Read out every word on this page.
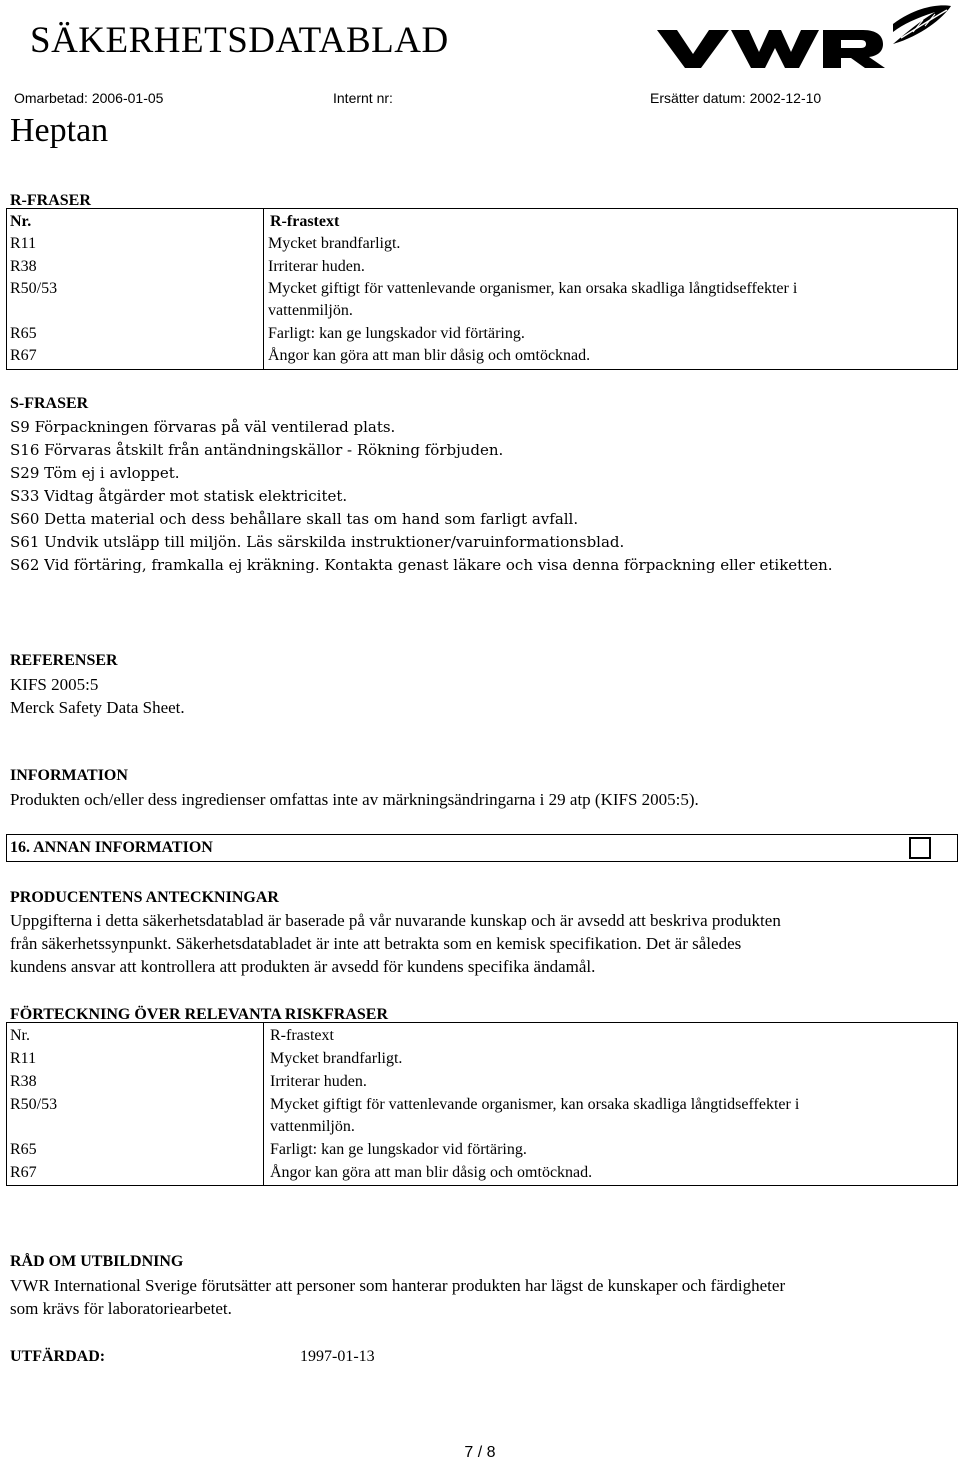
SÄKERHETSDATABLAD
Omarbetad: 2006-01-05	Internt nr:	Ersätter datum: 2002-12-10
Heptan
R-FRASER
Nr.	R-frastext
R11	Mycket brandfarligt.
R38	Irriterar huden.
R50/53	Mycket giftigt för vattenlevande organismer, kan orsaka skadliga långtidseffekter i
vattenmiljön.
R65	Farligt: kan ge lungskador vid förtäring.
R67	Ångor kan göra att man blir dåsig och omtöcknad.
S-FRASER
S9 Förpackningen förvaras på väl ventilerad plats.
S16 Förvaras åtskilt från antändningskällor - Rökning förbjuden.
S29 Töm ej i avloppet.
S33 Vidtag åtgärder mot statisk elektricitet.
S60 Detta material och dess behållare skall tas om hand som farligt avfall.
S61 Undvik utsläpp till miljön. Läs särskilda instruktioner/varuinformationsblad.
S62 Vid förtäring, framkalla ej kräkning. Kontakta genast läkare och visa denna förpackning eller etiketten.
REFERENSER
KIFS 2005:5
Merck Safety Data Sheet.
INFORMATION
Produkten och/eller dess ingredienser omfattas inte av märkningsändringarna i 29 atp (KIFS 2005:5).
16. ANNAN INFORMATION
PRODUCENTENS ANTECKNINGAR
Uppgifterna i detta säkerhetsdatablad är baserade på vår nuvarande kunskap och är avsedd att beskriva produkten
från säkerhetssynpunkt. Säkerhetsdatabladet är inte att betrakta som en kemisk specifikation. Det är således
kundens ansvar att kontrollera att produkten är avsedd för kundens specifika ändamål.
FÖRTECKNING ÖVER RELEVANTA RISKFRASER
Nr.	R-frastext
R11	Mycket brandfarligt.
R38	Irriterar huden.
R50/53	Mycket giftigt för vattenlevande organismer, kan orsaka skadliga långtidseffekter i
vattenmiljön.
R65	Farligt: kan ge lungskador vid förtäring.
R67	Ångor kan göra att man blir dåsig och omtöcknad.
RÅD OM UTBILDNING
VWR International Sverige förutsätter att personer som hanterar produkten har lägst de kunskaper och färdigheter
som krävs för laboratoriearbetet.
UTFÄRDAD:	1997-01-13
7 / 8
